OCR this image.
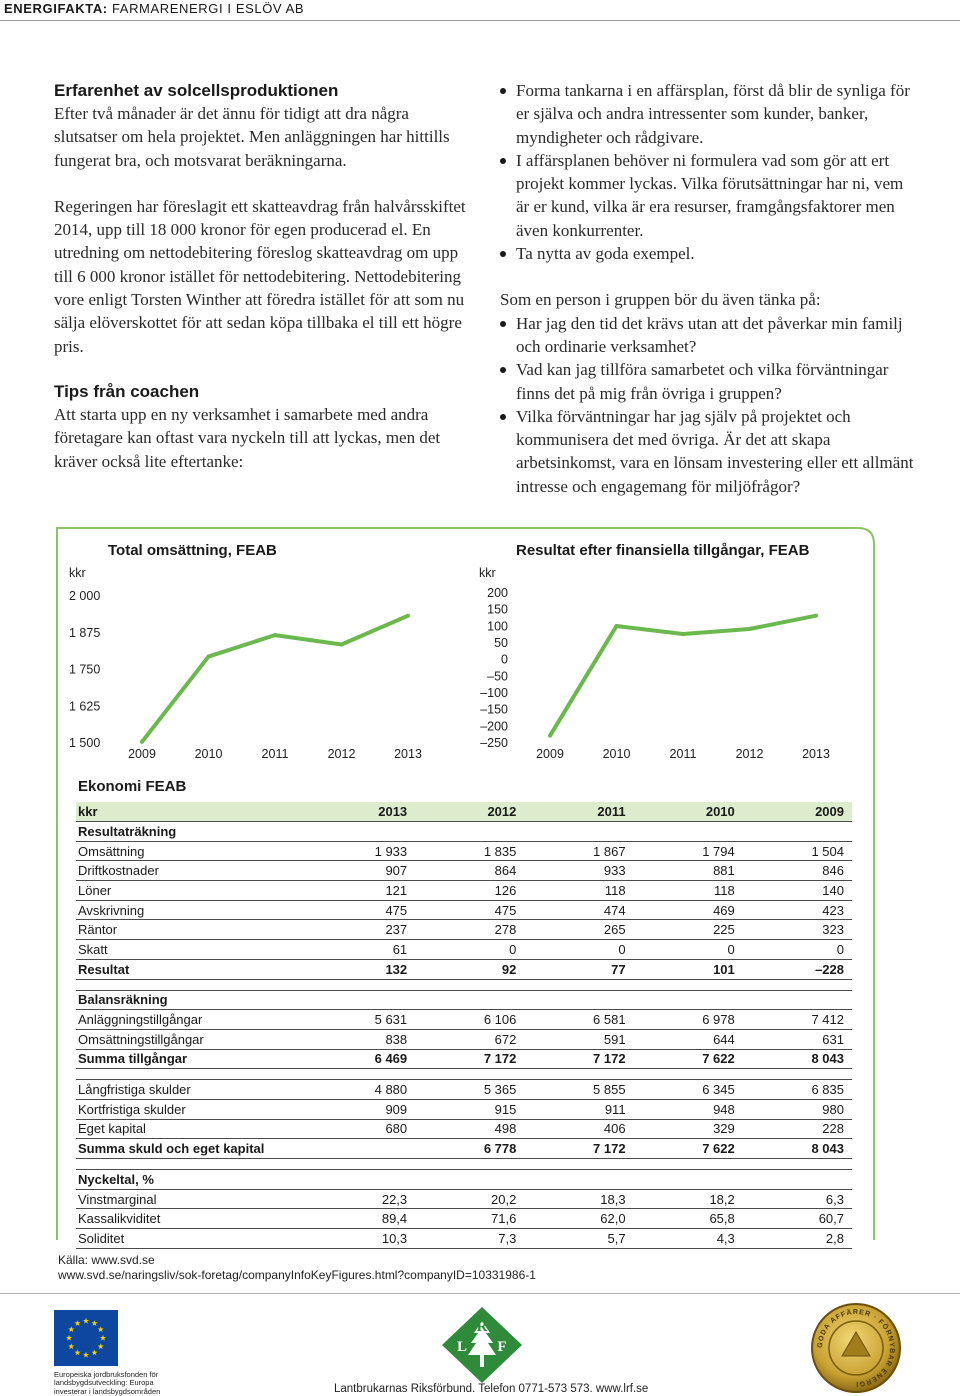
ENERGIFAKTA: FARMARENERGI I ESLÖV AB
Erfarenhet av solcellsproduktionen

Efter två månader är det ännu för tidigt att dra några slutsatser om hela projektet. Men anläggningen har hittills fungerat bra, och motsvarat beräkningarna.

Regeringen har föreslagit ett skatteavdrag från halvårsskiftet 2014, upp till 18 000 kronor för egen producerad el. En utredning om nettodebitering föreslog skatteavdrag om upp till 6 000 kronor istället för nettodebitering. Nettodebitering vore enligt Torsten Winther att föredra istället för att som nu sälja elöverskottet för att sedan köpa tillbaka el till ett högre pris.

Tips från coachen

Att starta upp en ny verksamhet i samarbete med andra företagare kan oftast vara nyckeln till att lyckas, men det kräver också lite eftertanke:

Forma tankarna i en affärsplan, först då blir de synliga för er själva och andra intressenter som kunder, banker, myndigheter och rådgivare.
I affärsplanen behöver ni formulera vad som gör att ert projekt kommer lyckas. Vilka förutsättningar har ni, vem är er kund, vilka är era resurser, framgångsfaktorer men även konkurrenter.
Ta nytta av goda exempel.

Som en person i gruppen bör du även tänka på:

Har jag den tid det krävs utan att det påverkar min familj och ordinarie verksamhet?
Vad kan jag tillföra samarbetet och vilka förväntningar finns det på mig från övriga i gruppen?
Vilka förväntningar har jag själv på projektet och kommunisera det med övriga. Är det att skapa arbetsinkomst, vara en lönsam investering eller ett allmänt intresse och engagemang för miljöfrågor?
Total omsättning, FEAB
kkr
2 000
1 875
1 750
1 625
1 500
2009	2010	2011	2012	2013
Resultat efter finansiella tillgångar, FEAB
kkr
200
150
100
50
0
–50
–100
–150
–200
–250
2009	2010	2011	2012	2013
Ekonomi FEAB
kkr	2013	2012	2011	2010	2009
Resultaträkning					
Omsättning	1 933	1 835	1 867	1 794	1 504
Driftkostnader	907	864	933	881	846
Löner	121	126	118	118	140
Avskrivning	475	475	474	469	423
Räntor	237	278	265	225	323
Skatt	61	0	0	0	0
Resultat	132	92	77	101	–228

Balansräkning					
Anläggningstillgångar	5 631	6 106	6 581	6 978	7 412
Omsättningstillgångar	838	672	591	644	631
Summa tillgångar	6 469	7 172	7 172	7 622	8 043

Långfristiga skulder	4 880	5 365	5 855	6 345	6 835
Kortfristiga skulder	909	915	911	948	980
Eget kapital	680	498	406	329	228
Summa skuld och eget kapital		6 778	7 172	7 622	8 043

Nyckeltal, %					
Vinstmarginal	22,3	20,2	18,3	18,2	6,3
Kassalikviditet	89,4	71,6	62,0	65,8	60,7
Soliditet	10,3	7,3	5,7	4,3	2,8
Källa: www.svd.se
www.svd.se/naringsliv/sok-foretag/companyInfoKeyFigures.html?companyID=10331986-1
Europeiska jordbruksfonden för landsbygdsutveckling: Europa investerar i landsbygdsområden
R
L F	GODA AFFÄRER · FÖRNYBAR ENERGI
Lantbrukarnas Riksförbund. Telefon 0771-573 573. www.lrf.se
